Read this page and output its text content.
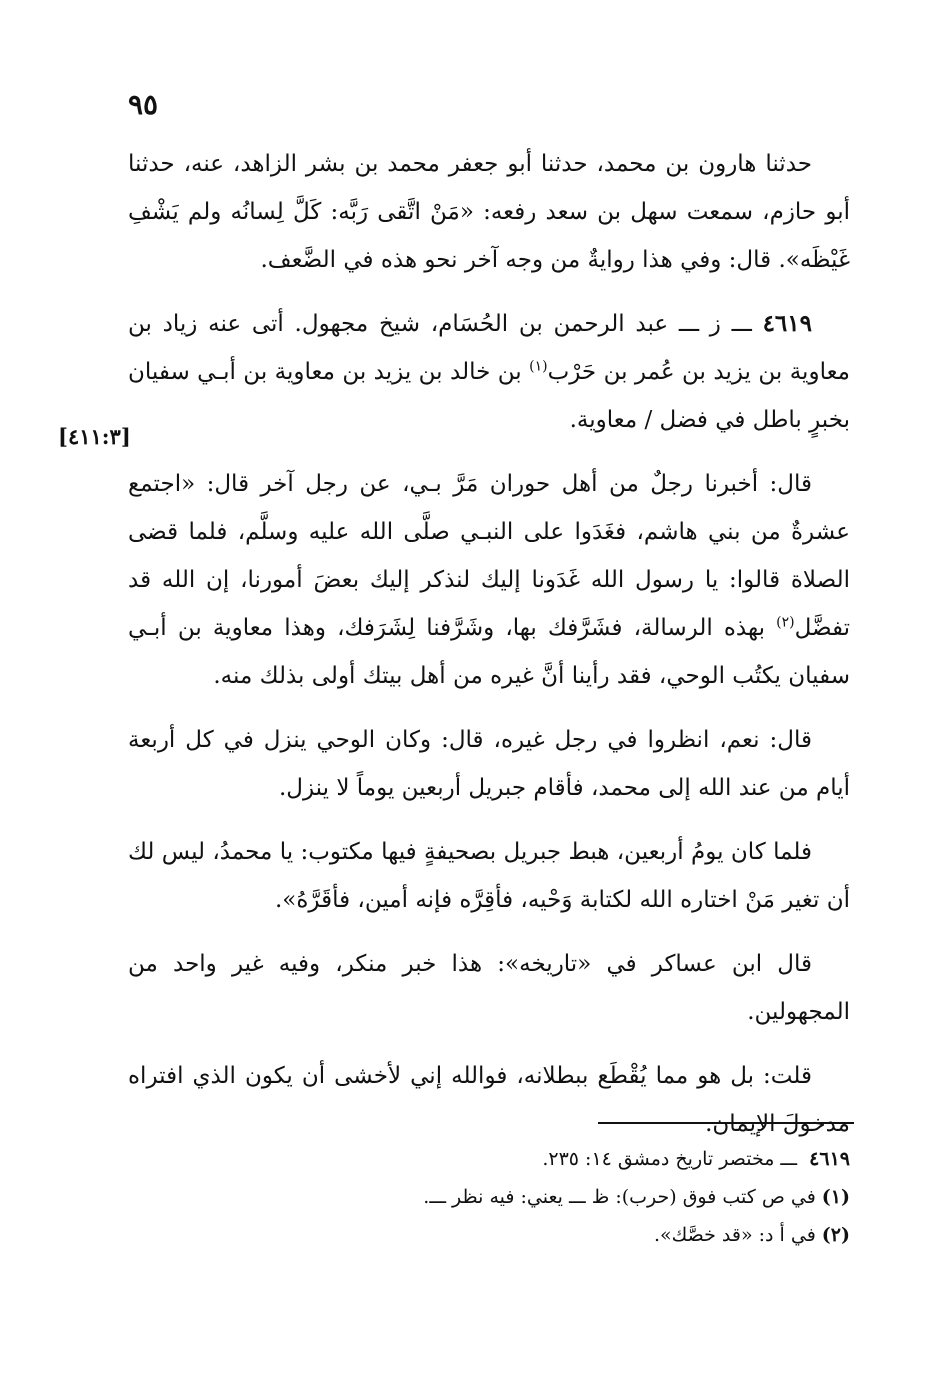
٩٥
[٤١١:٣]

حدثنا هارون بن محمد، حدثنا أبو جعفر محمد بن بشر الزاهد، عنه، حدثنا أبو حازم، سمعت سهل بن سعد رفعه: «مَنْ اتَّقى رَبَّه: كَلَّ لِسانُه ولم يَشْفِ غَيْظَه». قال: وفي هذا روايةٌ من وجه آخر نحو هذه في الضَّعف.

٤٦١٩ ـــ ز ـــ عبد الرحمن بن الحُسَام، شيخ مجهول. أتى عنه زياد بن معاوية بن يزيد بن عُمر بن حَرْب$^{(١)}$ بن خالد بن يزيد بن معاوية بن أبـي سفيان بخبرٍ باطل في فضل / معاوية.

قال: أخبرنا رجلٌ من أهل حوران مَرَّ بـي، عن رجل آخر قال: «اجتمع عشرةٌ من بني هاشم، فغَدَوا على النبـي صلَّى الله عليه وسلَّم، فلما قضى الصلاة قالوا: يا رسول الله غَدَونا إليك لنذكر إليك بعضَ أمورنا، إن الله قد تفضَّل$^{(٢)}$ بهذه الرسالة، فشَرَّفك بها، وشَرَّفنا لِشَرَفك، وهذا معاوية بن أبـي سفيان يكتُب الوحي، فقد رأينا أنَّ غيره من أهل بيتك أولى بذلك منه.

قال: نعم، انظروا في رجل غيره، قال: وكان الوحي ينزل في كل أربعة أيام من عند الله إلى محمد، فأقام جبريل أربعين يوماً لا ينزل.

فلما كان يومُ أربعين، هبط جبريل بصحيفةٍ فيها مكتوب: يا محمدُ، ليس لك أن تغير مَنْ اختاره الله لكتابة وَحْيه، فأقِرَّه فإنه أمين، فأقَرَّهُ».

قال ابن عساكر في «تاريخه»: هذا خبر منكر، وفيه غير واحد من المجهولين.

قلت: بل هو مما يُقْطَع ببطلانه، فوالله إني لأخشى أن يكون الذي افتراه مدخولَ الإيمان.

٤٦١٩ ـــ مختصر تاريخ دمشق ١٤: ٢٣٥.
(١)في ص كتب فوق (حرب): ظ ـــ يعني: فيه نظر ـــ.
(٢)في أ د: «قد خصَّك».
